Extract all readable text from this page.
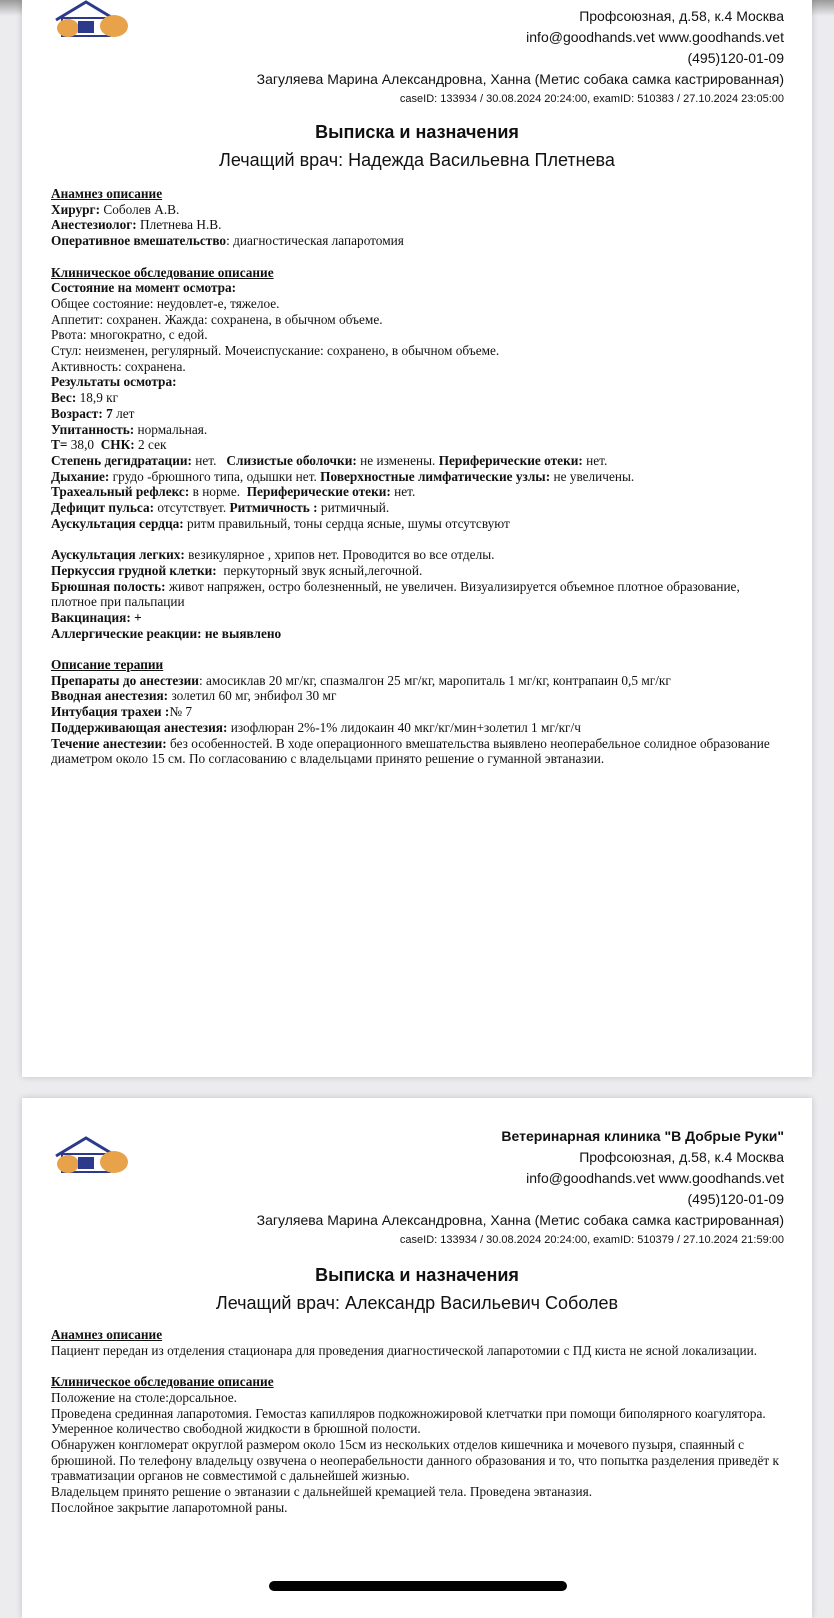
Профсоюзная, д.58, к.4 Москва
info@goodhands.vet www.goodhands.vet
(495)120-01-09
Загуляева Марина Александровна, Ханна (Метис собака самка кастрированная)
caseID: 133934 / 30.08.2024 20:24:00, examID: 510383 / 27.10.2024 23:05:00
Выписка и назначения
Лечащий врач: Надежда Васильевна Плетнева

Анамнез описание

Хирург: Соболев А.В.

Анестезиолог: Плетнева Н.В.

Оперативное вмешательство: диагностическая лапаротомия

Клиническое обследование описание

Состояние на момент осмотра:

Общее состояние: неудовлет-е, тяжелое.

Аппетит: сохранен. Жажда: сохранена, в обычном объеме.

Рвота: многократно, с едой.

Стул: неизменен, регулярный. Мочеиспускание: сохранено, в обычном объеме.

Активность: сохранена.

Результаты осмотра:

Вес: 18,9 кг

Возраст: 7 лет

Упитанность: нормальная.

Т= 38,0  СНК: 2 сек

Степень дегидратации: нет.   Слизистые оболочки: не изменены. Периферические отеки: нет.

Дыхание: грудо -брюшного типа, одышки нет. Поверхностные лимфатические узлы: не увеличены.

Трахеальный рефлекс: в норме.  Периферические отеки: нет.

Дефицит пульса: отсутствует. Ритмичность : ритмичный.

Аускультация сердца: ритм правильный, тоны сердца ясные, шумы отсутсвуют

Аускультация легких: везикулярное , хрипов нет. Проводится во все отделы.

Перкуссия грудной клетки:  перкуторный звук ясный,легочной.

Брюшная полость: живот напряжен, остро болезненный, не увеличен. Визуализируется объемное плотное образование, плотное при пальпации

Вакцинация: +

Аллергические реакции: не выявлено

Описание терапии

Препараты до анестезии: амосиклав 20 мг/кг, спазмалгон 25 мг/кг, маропиталь 1 мг/кг, контрапаин 0,5 мг/кг

Вводная анестезия: золетил 60 мг, энбифол 30 мг

Интубация трахеи :№ 7

Поддерживающая анестезия: изофлюран 2%-1% лидокаин 40 мкг/кг/мин+золетил 1 мг/кг/ч

Течение анестезии: без особенностей. В ходе операционного вмешательства выявлено неоперабельное солидное образование диаметром около 15 см. По согласованию с владельцами принято решение о гуманной эвтаназии.

Ветеринарная клиника "В Добрые Руки"
Профсоюзная, д.58, к.4 Москва
info@goodhands.vet www.goodhands.vet
(495)120-01-09
Загуляева Марина Александровна, Ханна (Метис собака самка кастрированная)
caseID: 133934 / 30.08.2024 20:24:00, examID: 510379 / 27.10.2024 21:59:00
Выписка и назначения
Лечащий врач: Александр Васильевич Соболев

Анамнез описание

Пациент передан из отделения стационара для проведения диагностической лапаротомии с ПД киста не ясной локализации.

Клиническое обследование описание

Положение на столе:дорсальное.

Проведена срединная лапаротомия. Гемостаз капилляров подкожножировой клетчатки при помощи биполярного коагулятора. Умеренное количество свободной жидкости в брюшной полости.

Обнаружен конгломерат округлой размером около 15см из нескольких отделов кишечника и мочевого пузыря, спаянный с брюшиной. По телефону владельцу озвучена о неоперабельности данного образования и то, что попытка разделения приведёт к травматизации органов не совместимой с дальнейшей жизнью.

Владельцем принято решение о эвтаназии с дальнейшей кремацией тела. Проведена эвтаназия.

Послойное закрытие лапаротомной раны.
